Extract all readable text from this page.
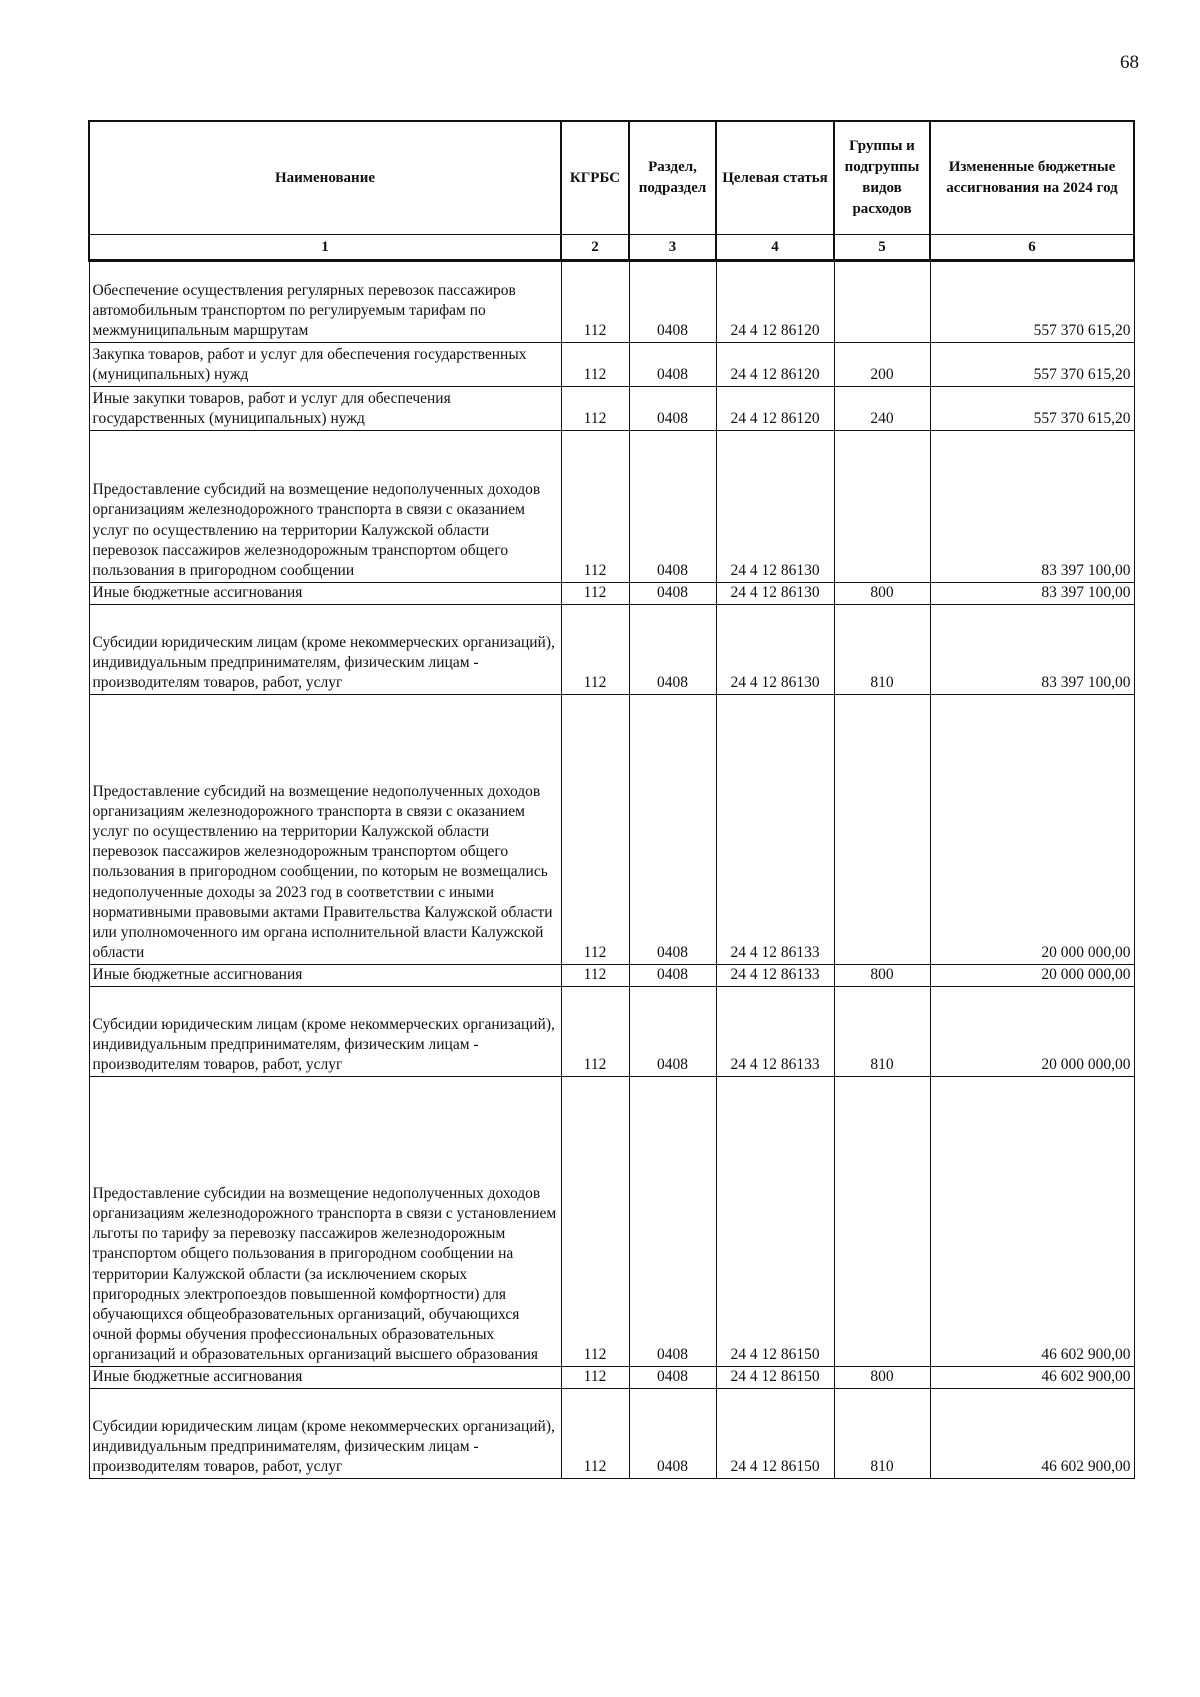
68
Наименование	КГРБС	Раздел, подраздел	Целевая статья	Группы и подгруппы видов расходов	Измененные бюджетные ассигнования на 2024 год
1	2	3	4	5	6
Обеспечение осуществления регулярных перевозок пассажиров автомобильным транспортом по регулируемым тарифам по межмуниципальным маршрутам	112	0408	24 4 12 86120		557 370 615,20
Закупка товаров, работ и услуг для обеспечения государственных (муниципальных) нужд	112	0408	24 4 12 86120	200	557 370 615,20
Иные закупки товаров, работ и услуг для обеспечения государственных (муниципальных) нужд	112	0408	24 4 12 86120	240	557 370 615,20
Предоставление субсидий на возмещение недополученных доходов организациям железнодорожного транспорта в связи с оказанием услуг по осуществлению на территории Калужской области перевозок пассажиров железнодорожным транспортом общего пользования в пригородном сообщении	112	0408	24 4 12 86130		83 397 100,00
Иные бюджетные ассигнования	112	0408	24 4 12 86130	800	83 397 100,00
Субсидии юридическим лицам (кроме некоммерческих организаций), индивидуальным предпринимателям, физическим лицам - производителям товаров, работ, услуг	112	0408	24 4 12 86130	810	83 397 100,00
Предоставление субсидий на возмещение недополученных доходов организациям железнодорожного транспорта в связи с оказанием услуг по осуществлению на территории Калужской области перевозок пассажиров железнодорожным транспортом общего пользования в пригородном сообщении, по которым не возмещались недополученные доходы за 2023 год в соответствии с иными нормативными правовыми актами Правительства Калужской области или уполномоченного им органа исполнительной власти Калужской области	112	0408	24 4 12 86133		20 000 000,00
Иные бюджетные ассигнования	112	0408	24 4 12 86133	800	20 000 000,00
Субсидии юридическим лицам (кроме некоммерческих организаций), индивидуальным предпринимателям, физическим лицам - производителям товаров, работ, услуг	112	0408	24 4 12 86133	810	20 000 000,00
Предоставление субсидии на возмещение недополученных доходов организациям железнодорожного транспорта в связи с установлением льготы по тарифу за перевозку пассажиров железнодорожным транспортом общего пользования в пригородном сообщении на территории Калужской области (за исключением скорых пригородных электропоездов повышенной комфортности) для обучающихся общеобразовательных организаций, обучающихся очной формы обучения профессиональных образовательных организаций и образовательных организаций высшего образования	112	0408	24 4 12 86150		46 602 900,00
Иные бюджетные ассигнования	112	0408	24 4 12 86150	800	46 602 900,00
Субсидии юридическим лицам (кроме некоммерческих организаций), индивидуальным предпринимателям, физическим лицам - производителям товаров, работ, услуг	112	0408	24 4 12 86150	810	46 602 900,00
